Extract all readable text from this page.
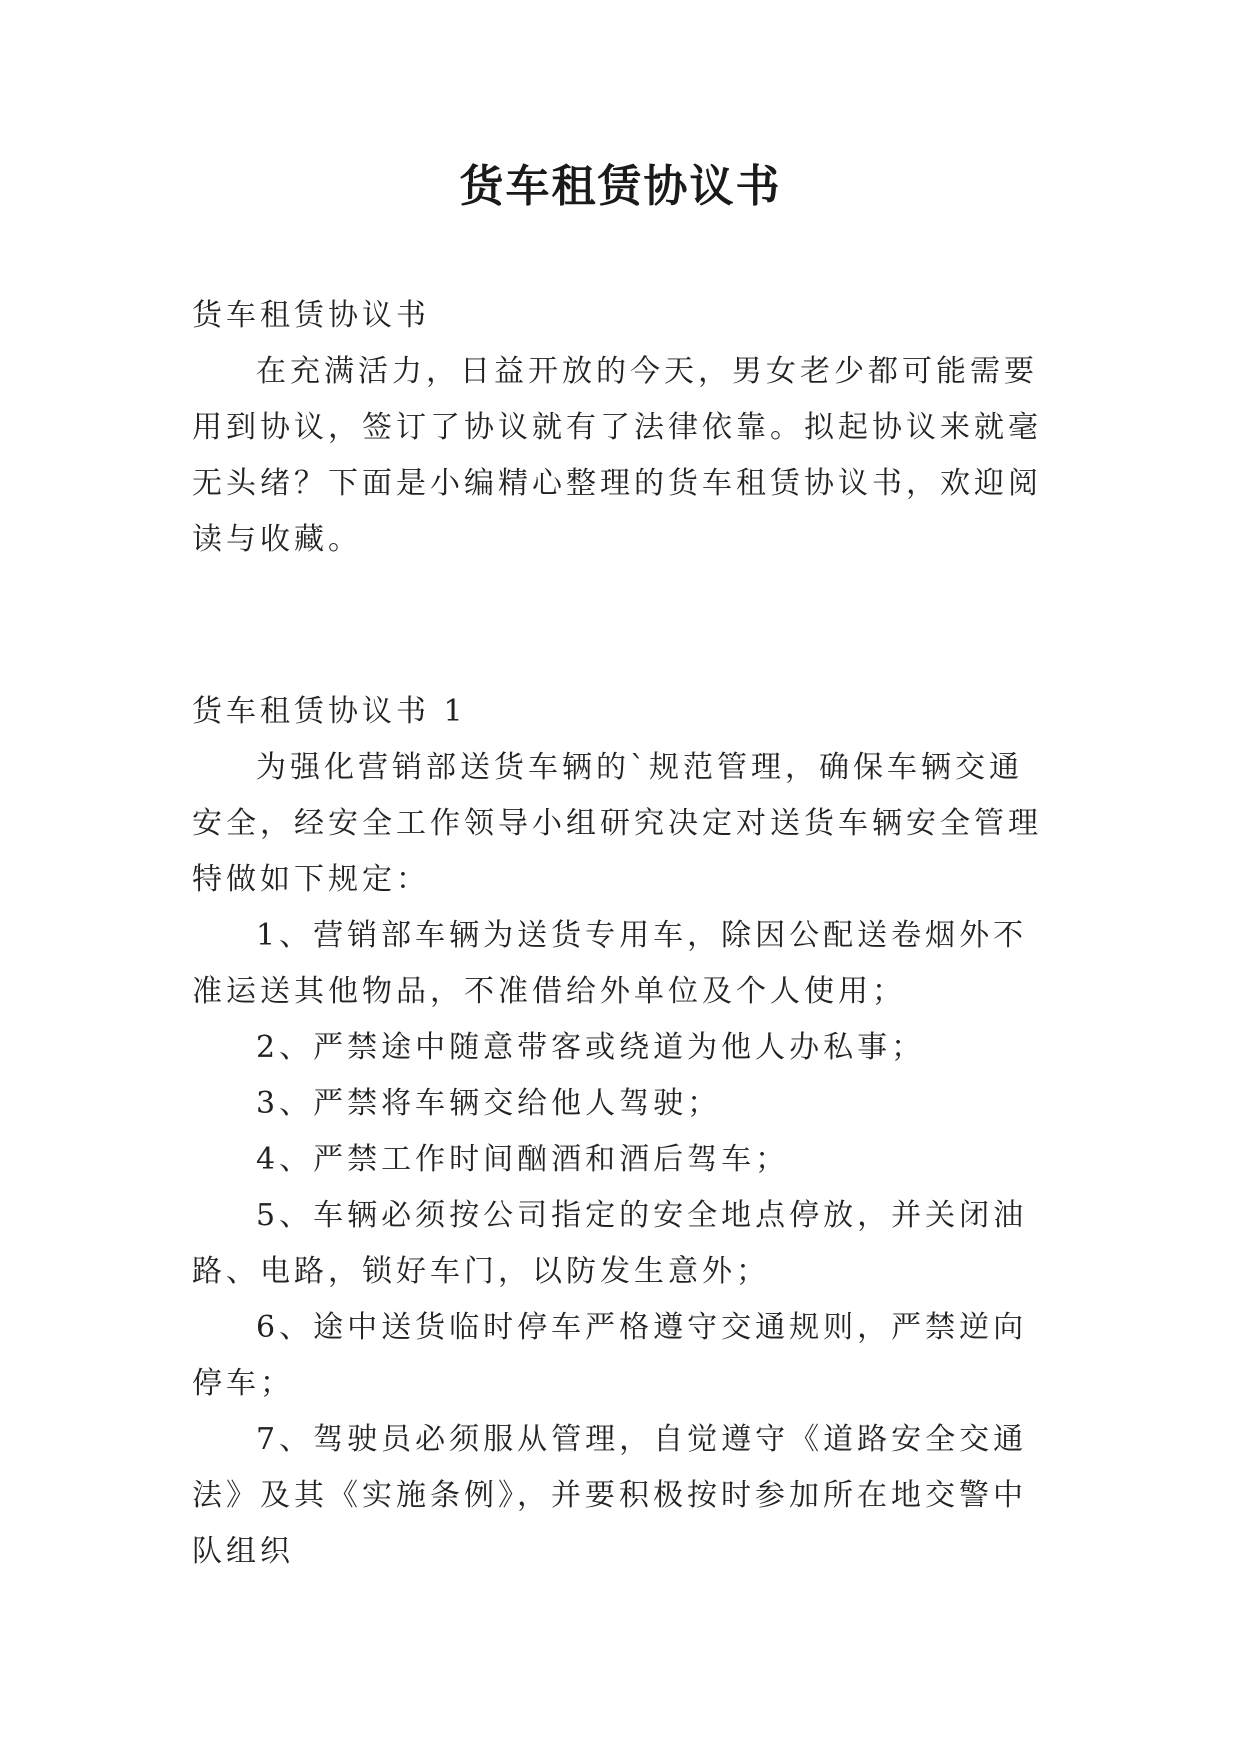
货车租赁协议书

货车租赁协议书

在充满活力，日益开放的今天，男女老少都可能需要用到协议，签订了协议就有了法律依靠。拟起协议来就毫无头绪？下面是小编精心整理的货车租赁协议书，欢迎阅读与收藏。

货车租赁协议书 1

为强化营销部送货车辆的`规范管理，确保车辆交通安全，经安全工作领导小组研究决定对送货车辆安全管理特做如下规定：

1、营销部车辆为送货专用车，除因公配送卷烟外不准运送其他物品，不准借给外单位及个人使用；

2、严禁途中随意带客或绕道为他人办私事；

3、严禁将车辆交给他人驾驶；

4、严禁工作时间酗酒和酒后驾车；

5、车辆必须按公司指定的安全地点停放，并关闭油路、电路，锁好车门，以防发生意外；

6、途中送货临时停车严格遵守交通规则，严禁逆向停车；

7、驾驶员必须服从管理，自觉遵守《道路安全交通法》及其《实施条例》，并要积极按时参加所在地交警中队组织
